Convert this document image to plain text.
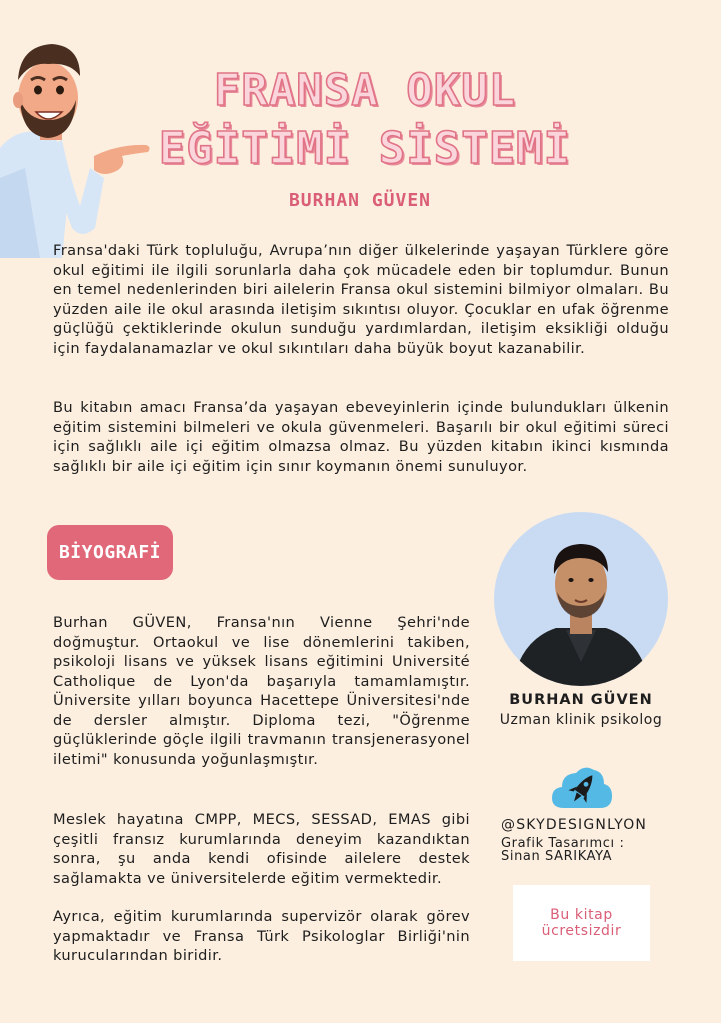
FRANSA OKUL
EĞİTİMİ SİSTEMİ
BURHAN GÜVEN

Fransa'daki Türk topluluğu, Avrupa’nın diğer ülkelerinde yaşayan Türklere göre okul eğitimi ile ilgili sorunlarla daha çok mücadele eden bir toplumdur. Bunun en temel nedenlerinden biri ailelerin Fransa okul sistemini bilmiyor olmaları. Bu yüzden aile ile okul arasında iletişim sıkıntısı oluyor. Çocuklar en ufak öğrenme güçlüğü çektiklerinde okulun sunduğu yardımlardan, iletişim eksikliği olduğu için faydalanamazlar ve okul sıkıntıları daha büyük boyut kazanabilir.

Bu kitabın amacı Fransa’da yaşayan ebeveyinlerin içinde bulundukları ülkenin eğitim sistemini bilmeleri ve okula güvenmeleri. Başarılı bir okul eğitimi süreci için sağlıklı aile içi eğitim olmazsa olmaz. Bu yüzden kitabın ikinci kısmında sağlıklı bir aile içi eğitim için sınır koymanın önemi sunuluyor.

BİYOGRAFİ

Burhan GÜVEN, Fransa'nın Vienne Şehri'nde doğmuştur. Ortaokul ve lise dönemlerini takiben, psikoloji lisans ve yüksek lisans eğitimini Université Catholique de Lyon'da başarıyla tamamlamıştır. Üniversite yılları boyunca Hacettepe Üniversitesi'nde de dersler almıştır. Diploma tezi, "Öğrenme güçlüklerinde göçle ilgili travmanın transjenerasyonel iletimi" konusunda yoğunlaşmıştır.

Meslek hayatına CMPP, MECS, SESSAD, EMAS gibi çeşitli fransız kurumlarında deneyim kazandıktan sonra, şu anda kendi ofisinde ailelere destek sağlamakta ve üniversitelerde eğitim vermektedir.

Ayrıca, eğitim kurumlarında supervizör olarak görev yapmaktadır ve Fransa Türk Psikologlar Birliği'nin kurucularından biridir.

BURHAN GÜVEN
Uzman klinik psikolog
@SKYDESIGNLYON
Grafik Tasarımcı :
Sinan SARIKAYA
Bu kitap ücretsizdir
